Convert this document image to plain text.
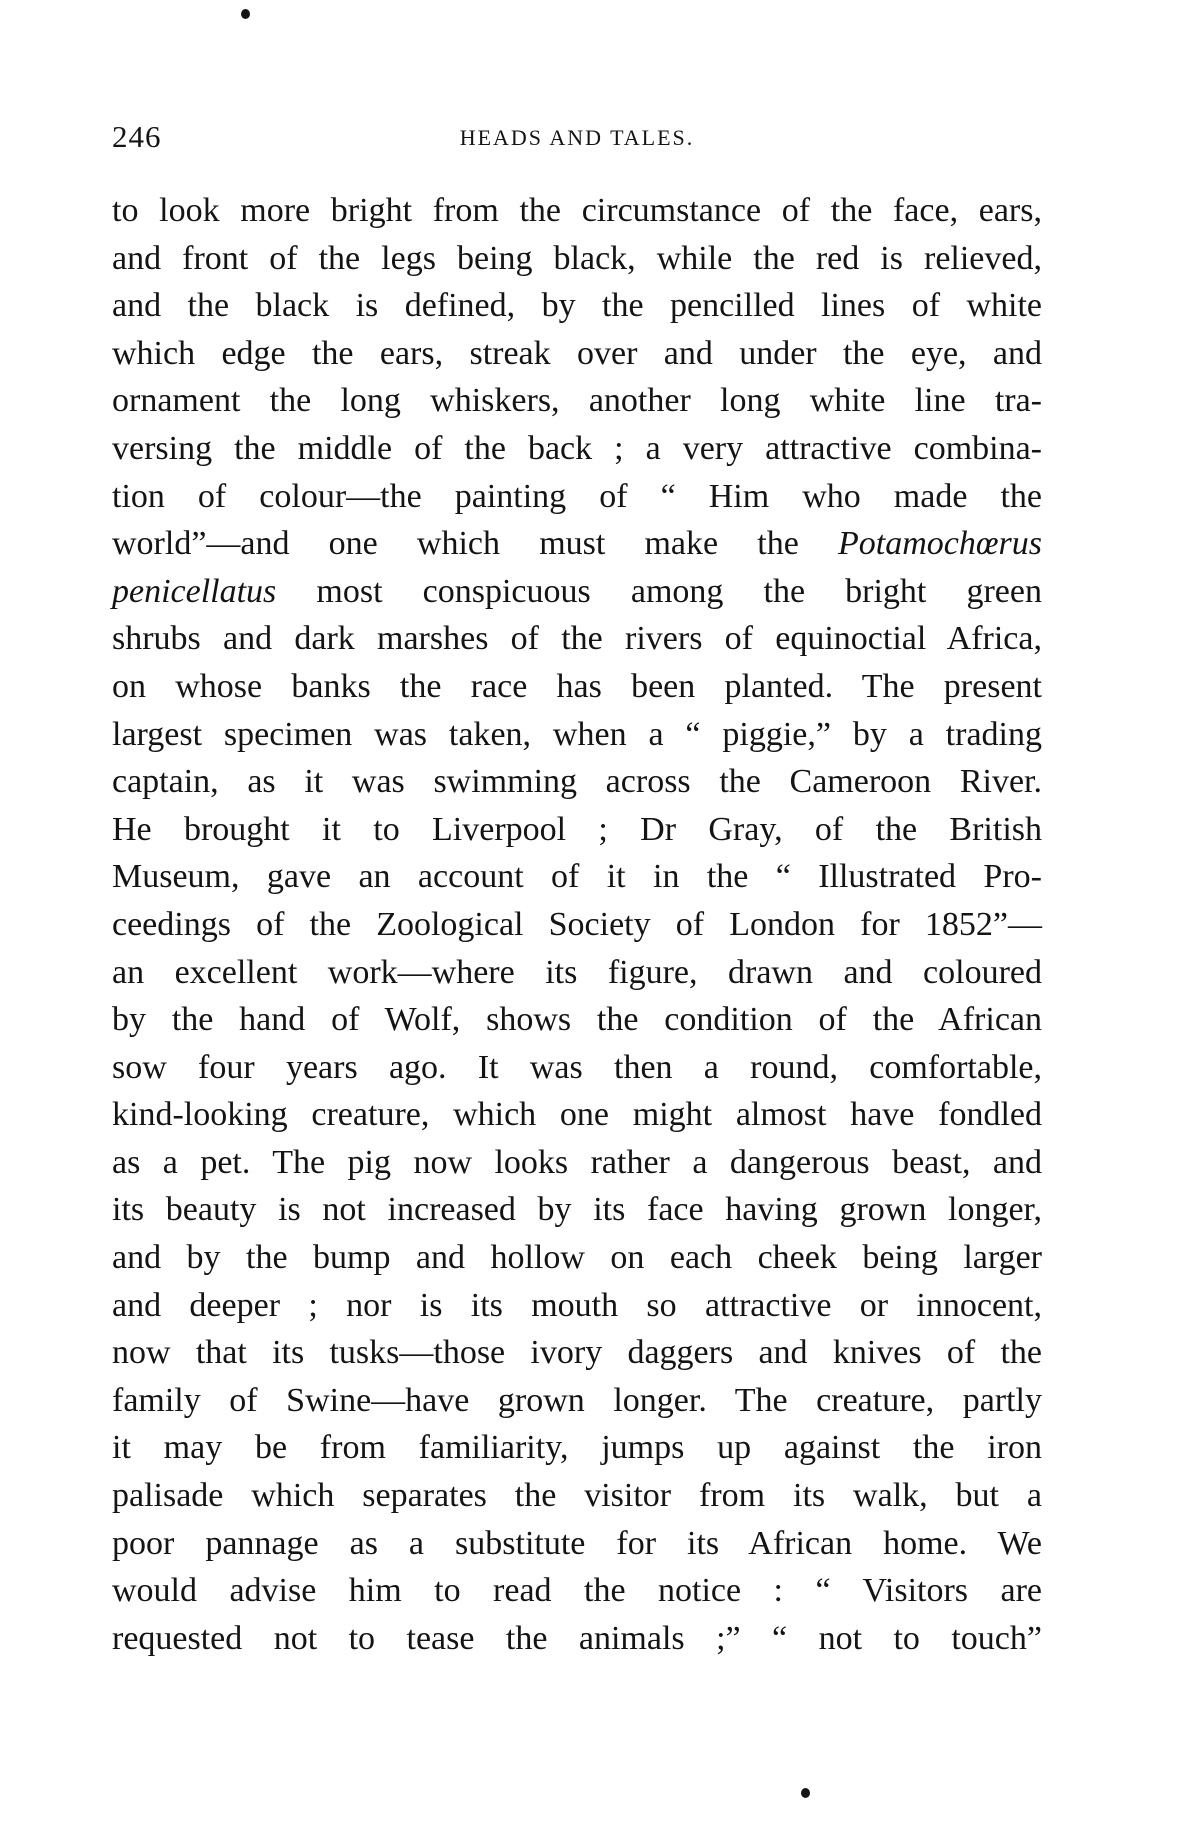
246	HEADS AND TALES.
to look more bright from the circumstance of the face, ears,
and front of the legs being black, while the red is relieved,
and the black is defined, by the pencilled lines of white
which edge the ears, streak over and under the eye, and
ornament the long whiskers, another long white line tra-
versing the middle of the back ; a very attractive combina-
tion of colour—the painting of “ Him who made the
world”—and one which must make the Potamochœrus
penicellatus most conspicuous among the bright green
shrubs and dark marshes of the rivers of equinoctial Africa,
on whose banks the race has been planted. The present
largest specimen was taken, when a “ piggie,” by a trading
captain, as it was swimming across the Cameroon River.
He brought it to Liverpool ; Dr Gray, of the British
Museum, gave an account of it in the “ Illustrated Pro-
ceedings of the Zoological Society of London for 1852”—
an excellent work—where its figure, drawn and coloured
by the hand of Wolf, shows the condition of the African
sow four years ago. It was then a round, comfortable,
kind-looking creature, which one might almost have fondled
as a pet. The pig now looks rather a dangerous beast, and
its beauty is not increased by its face having grown longer,
and by the bump and hollow on each cheek being larger
and deeper ; nor is its mouth so attractive or innocent,
now that its tusks—those ivory daggers and knives of the
family of Swine—have grown longer. The creature, partly
it may be from familiarity, jumps up against the iron
palisade which separates the visitor from its walk, but a
poor pannage as a substitute for its African home. We
would advise him to read the notice : “ Visitors are
requested not to tease the animals ;” “ not to touch”
